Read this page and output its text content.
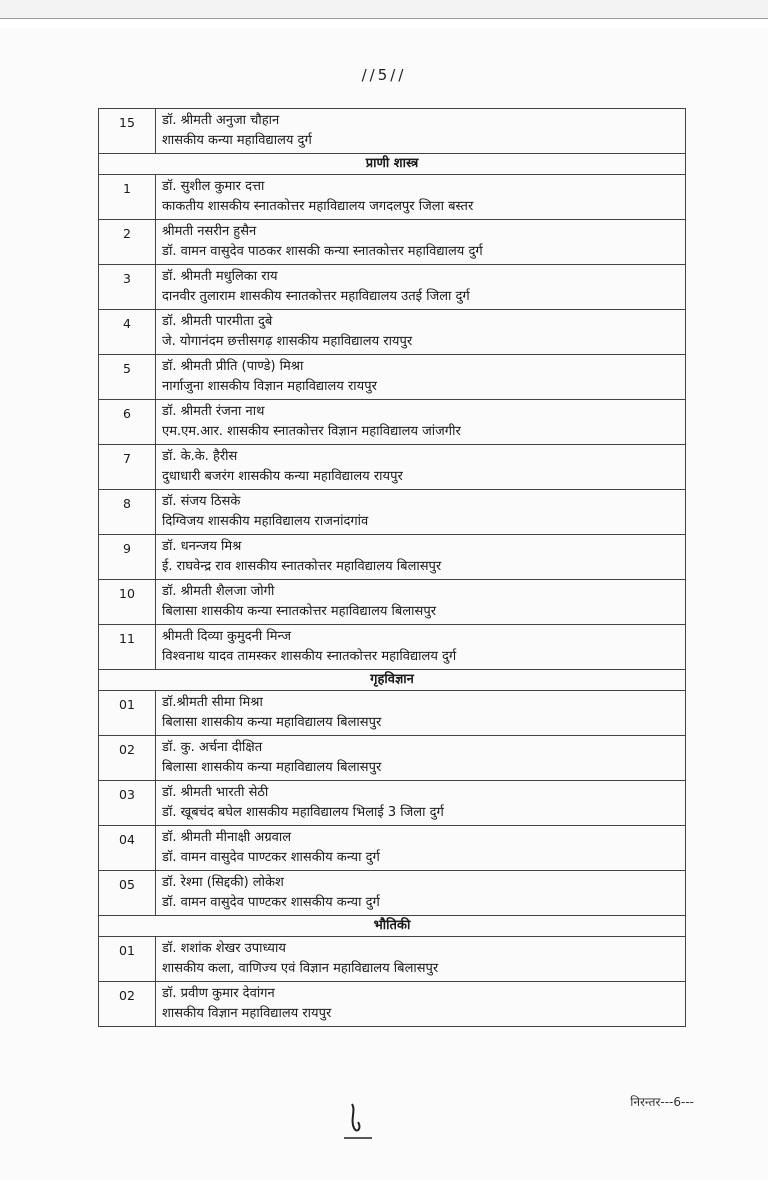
//5//
15	डॉ. श्रीमती अनुजा चौहान
शासकीय कन्या महाविद्यालय दुर्ग

प्राणी शास्त्र	
1	डॉ. सुशील कुमार दत्ता
काकतीय शासकीय स्नातकोत्तर महाविद्यालय जगदलपुर जिला बस्तर

2	श्रीमती नसरीन हुसैन
डॉ. वामन वासुदेव पाठकर शासकी कन्या स्नातकोत्तर महाविद्यालय दुर्ग

3	डॉ. श्रीमती मधुलिका राय
दानवीर तुलाराम शासकीय स्नातकोत्तर महाविद्यालय उतई जिला दुर्ग

4	डॉ. श्रीमती पारमीता दुबे
जे. योगानंदम छत्तीसगढ़ शासकीय महाविद्यालय रायपुर

5	डॉ. श्रीमती प्रीति (पाण्डे) मिश्रा
नार्गाजुना शासकीय विज्ञान महाविद्यालय रायपुर

6	डॉ. श्रीमती रंजना नाथ
एम.एम.आर. शासकीय स्नातकोत्तर विज्ञान महाविद्यालय जांजगीर

7	डॉ. के.के. हैरीस
दुधाधारी बजरंग शासकीय कन्या महाविद्यालय रायपुर

8	डॉ. संजय ठिसके
दिग्विजय शासकीय महाविद्यालय राजनांदगांव

9	डॉ. धनन्जय मिश्र
ई. राघवेन्द्र राव शासकीय स्नातकोत्तर महाविद्यालय बिलासपुर

10	डॉ. श्रीमती शैलजा जोगी
बिलासा शासकीय कन्या स्नातकोत्तर महाविद्यालय बिलासपुर

11	श्रीमती दिव्या कुमुदनी मिन्ज
विश्वनाथ यादव तामस्कर शासकीय स्नातकोत्तर महाविद्यालय दुर्ग

गृहविज्ञान	
01	डॉ.श्रीमती सीमा मिश्रा
बिलासा शासकीय कन्या महाविद्यालय बिलासपुर

02	डॉ. कु. अर्चना दीक्षित
बिलासा शासकीय कन्या महाविद्यालय बिलासपुर

03	डॉ. श्रीमती भारती सेठी
डॉ. खूबचंद बघेल शासकीय महाविद्यालय भिलाई 3 जिला दुर्ग

04	डॉ. श्रीमती मीनाक्षी अग्रवाल
डॉ. वामन वासुदेव पाण्टकर शासकीय कन्या दुर्ग

05	डॉ. रेश्मा (सिद्दकी) लोकेश
डॉ. वामन वासुदेव पाण्टकर शासकीय कन्या दुर्ग

भौतिकी	
01	डॉ. शशांक शेखर उपाध्याय
शासकीय कला, वाणिज्य एवं विज्ञान महाविद्यालय बिलासपुर

02	डॉ. प्रवीण कुमार देवांगन
शासकीय विज्ञान महाविद्यालय रायपुर
निरन्तर---6---
